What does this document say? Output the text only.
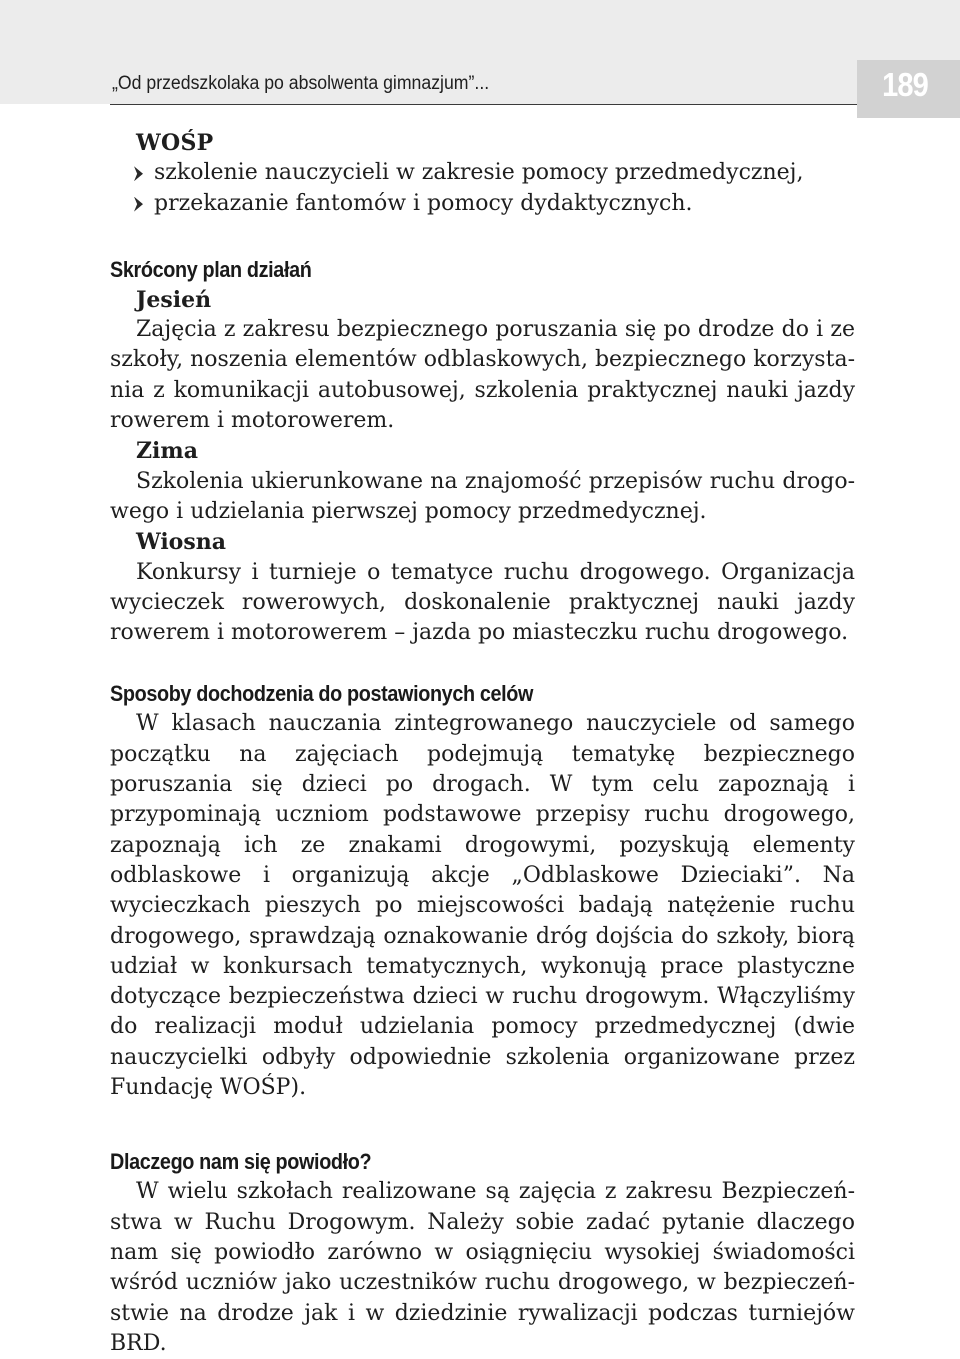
„Od przedszkolaka po absolwenta gimnazjum”...	189
WOŚP
szkolenie nauczycieli w zakresie pomocy przedmedycznej,
przekazanie fantomów i pomocy dydaktycznych.
Skrócony plan działań
Jesień

Zajęcia z zakresu bezpiecznego poruszania się po drodze do i ze szkoły, noszenia elementów odblaskowych, bezpiecznego korzystania z komunikacji autobusowej, szkolenia praktycznej nauki jazdy rowerem i motorowerem.

Zima

Szkolenia ukierunkowane na znajomość przepisów ruchu drogowego i udzielania pierwszej pomocy przedmedycznej.

Wiosna

Konkursy i turnieje o tematyce ruchu drogowego. Organizacja wycieczek rowerowych, doskonalenie praktycznej nauki jazdy rowerem i motorowerem – jazda po miasteczku ruchu drogowego.

Sposoby dochodzenia do postawionych celów

W klasach nauczania zintegrowanego nauczyciele od samego początku na zajęciach podejmują tematykę bezpiecznego poruszania się dzieci po drogach. W tym celu zapoznają i przypominają uczniom podstawowe przepisy ruchu drogowego, zapoznają ich ze znakami drogowymi, pozyskują elementy odblaskowe i organizują akcje „Odblaskowe Dzieciaki”. Na wycieczkach pieszych po miejscowości badają natężenie ruchu drogowego, sprawdzają oznakowanie dróg dojścia do szkoły, biorą udział w konkursach tematycznych, wykonują prace plastyczne dotyczące bezpieczeństwa dzieci w ruchu drogowym. Włączyliśmy do realizacji moduł udzielania pomocy przedmedycznej (dwie nauczycielki odbyły odpowiednie szkolenia organizowane przez Fundację WOŚP).

Dlaczego nam się powiodło?

W wielu szkołach realizowane są zajęcia z zakresu Bezpieczeństwa w Ruchu Drogowym. Należy sobie zadać pytanie dlaczego nam się powiodło zarówno w osiągnięciu wysokiej świadomości wśród uczniów jako uczestników ruchu drogowego, w bezpieczeństwie na drodze jak i w dziedzinie rywalizacji podczas turniejów BRD.
